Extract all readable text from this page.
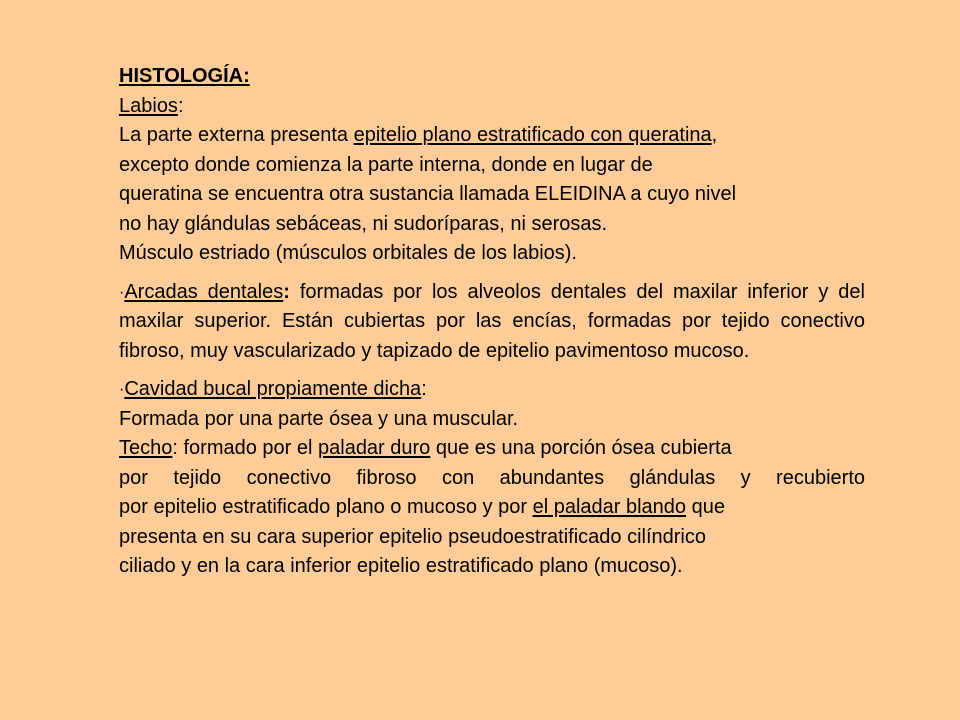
HISTOLOGÍA:

Labios:

La parte externa presenta epitelio plano estratificado con queratina,

excepto donde comienza la parte interna, donde en lugar de

queratina se encuentra otra sustancia llamada ELEIDINA a cuyo nivel

no hay glándulas sebáceas, ni sudoríparas, ni serosas.

Músculo estriado (músculos orbitales de los labios).

·Arcadas dentales: formadas por los alveolos dentales del maxilar inferior y del maxilar superior. Están cubiertas por las encías, formadas por tejido conectivo fibroso, muy vascularizado y tapizado de epitelio pavimentoso mucoso.

·Cavidad bucal propiamente dicha:

Formada por una parte ósea y una muscular.

Techo: formado por el paladar duro que es una porción ósea cubierta

por tejido conectivo fibroso con abundantes glándulas y recubierto

por epitelio estratificado plano o mucoso y por el paladar blando que

presenta en su cara superior epitelio pseudoestratificado cilíndrico

ciliado y en la cara inferior epitelio estratificado plano (mucoso).
